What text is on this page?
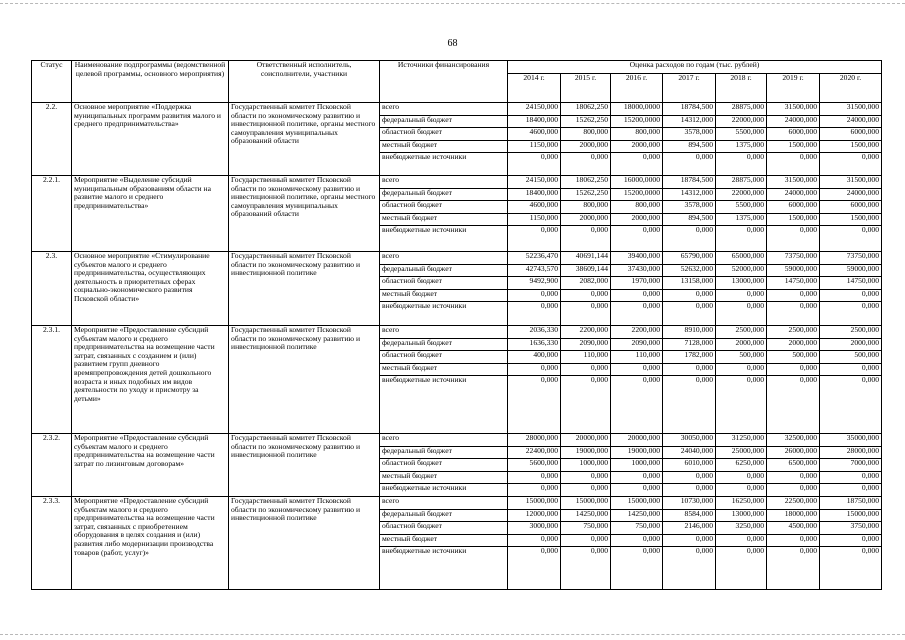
68
Статус	Наименование подпрограммы (ведомственной целевой программы, основного мероприятия)	Ответственный исполнитель, соисполнители, участники	Источники финансирования	Оценка расходов по годам (тыс. рублей)						
				2014 г.	2015 г.	2016 г.	2017 г.	2018 г.	2019 г.	2020 г.
2.2.	Основное мероприятие «Поддержка муниципальных программ развития малого и среднего предпринимательства»	Государственный комитет Псковской области по экономическому развитию и инвестиционной политике, органы местного самоуправления муниципальных образований области	всего	24150,000	18062,250	18000,0000	18784,500	28875,000	31500,000	31500,000
			федеральный бюджет	18400,000	15262,250	15200,0000	14312,000	22000,000	24000,000	24000,000
			областной бюджет	4600,000	800,000	800,000	3578,000	5500,000	6000,000	6000,000
			местный бюджет	1150,000	2000,000	2000,000	894,500	1375,000	1500,000	1500,000
			внебюджетные источники	0,000	0,000	0,000	0,000	0,000	0,000	0,000
2.2.1.	Мероприятие «Выделение субсидий муниципальным образованиям области на развитие малого и среднего предпринимательства»	Государственный комитет Псковской области по экономическому развитию и инвестиционной политике, органы местного самоуправления муниципальных образований области	всего	24150,000	18062,250	16000,0000	18784,500	28875,000	31500,000	31500,000
			федеральный бюджет	18400,000	15262,250	15200,0000	14312,000	22000,000	24000,000	24000,000
			областной бюджет	4600,000	800,000	800,000	3578,000	5500,000	6000,000	6000,000
			местный бюджет	1150,000	2000,000	2000,000	894,500	1375,000	1500,000	1500,000
			внебюджетные источники	0,000	0,000	0,000	0,000	0,000	0,000	0,000
2.3.	Основное мероприятие «Стимулирование субъектов малого и среднего предпринимательства, осуществляющих деятельность в приоритетных сферах социально-экономического развития Псковской области»	Государственный комитет Псковской области по экономическому развитию и инвестиционной политике	всего	52236,470	40691,144	39400,000	65790,000	65000,000	73750,000	73750,000
			федеральный бюджет	42743,570	38609,144	37430,000	52632,000	52000,000	59000,000	59000,000
			областной бюджет	9492,900	2082,000	1970,000	13158,000	13000,000	14750,000	14750,000
			местный бюджет	0,000	0,000	0,000	0,000	0,000	0,000	0,000
			внебюджетные источники	0,000	0,000	0,000	0,000	0,000	0,000	0,000
2.3.1.	Мероприятие «Предоставление субсидий субъектам малого и среднего предпринимательства на возмещение части затрат, связанных с созданием и (или) развитием групп дневного времяпрепровождения детей дошкольного возраста и иных подобных им видов деятельности по уходу и присмотру за детьми»	Государственный комитет Псковской области по экономическому развитию и инвестиционной политике	всего	2036,330	2200,000	2200,000	8910,000	2500,000	2500,000	2500,000
			федеральный бюджет	1636,330	2090,000	2090,000	7128,000	2000,000	2000,000	2000,000
			областной бюджет	400,000	110,000	110,000	1782,000	500,000	500,000	500,000
			местный бюджет	0,000	0,000	0,000	0,000	0,000	0,000	0,000
			внебюджетные источники	0,000	0,000	0,000	0,000	0,000	0,000	0,000
2.3.2.	Мероприятие «Предоставление субсидий субъектам малого и среднего предпринимательства на возмещение части затрат по лизинговым договорам»	Государственный комитет Псковской области по экономическому развитию и инвестиционной политике	всего	28000,000	20000,000	20000,000	30050,000	31250,000	32500,000	35000,000
			федеральный бюджет	22400,000	19000,000	19000,000	24040,000	25000,000	26000,000	28000,000
			областной бюджет	5600,000	1000,000	1000,000	6010,000	6250,000	6500,000	7000,000
			местный бюджет	0,000	0,000	0,000	0,000	0,000	0,000	0,000
			внебюджетные источники	0,000	0,000	0,000	0,000	0,000	0,000	0,000
2.3.3.	Мероприятие «Предоставление субсидий субъектам малого и среднего предпринимательства на возмещение части затрат, связанных с приобретением оборудования в целях создания и (или) развития либо модернизации производства товаров (работ, услуг)»	Государственный комитет Псковской области по экономическому развитию и инвестиционной политике	всего	15000,000	15000,000	15000,000	10730,000	16250,000	22500,000	18750,000
			федеральный бюджет	12000,000	14250,000	14250,000	8584,000	13000,000	18000,000	15000,000
			областной бюджет	3000,000	750,000	750,000	2146,000	3250,000	4500,000	3750,000
			местный бюджет	0,000	0,000	0,000	0,000	0,000	0,000	0,000
			внебюджетные источники	0,000	0,000	0,000	0,000	0,000	0,000	0,000
